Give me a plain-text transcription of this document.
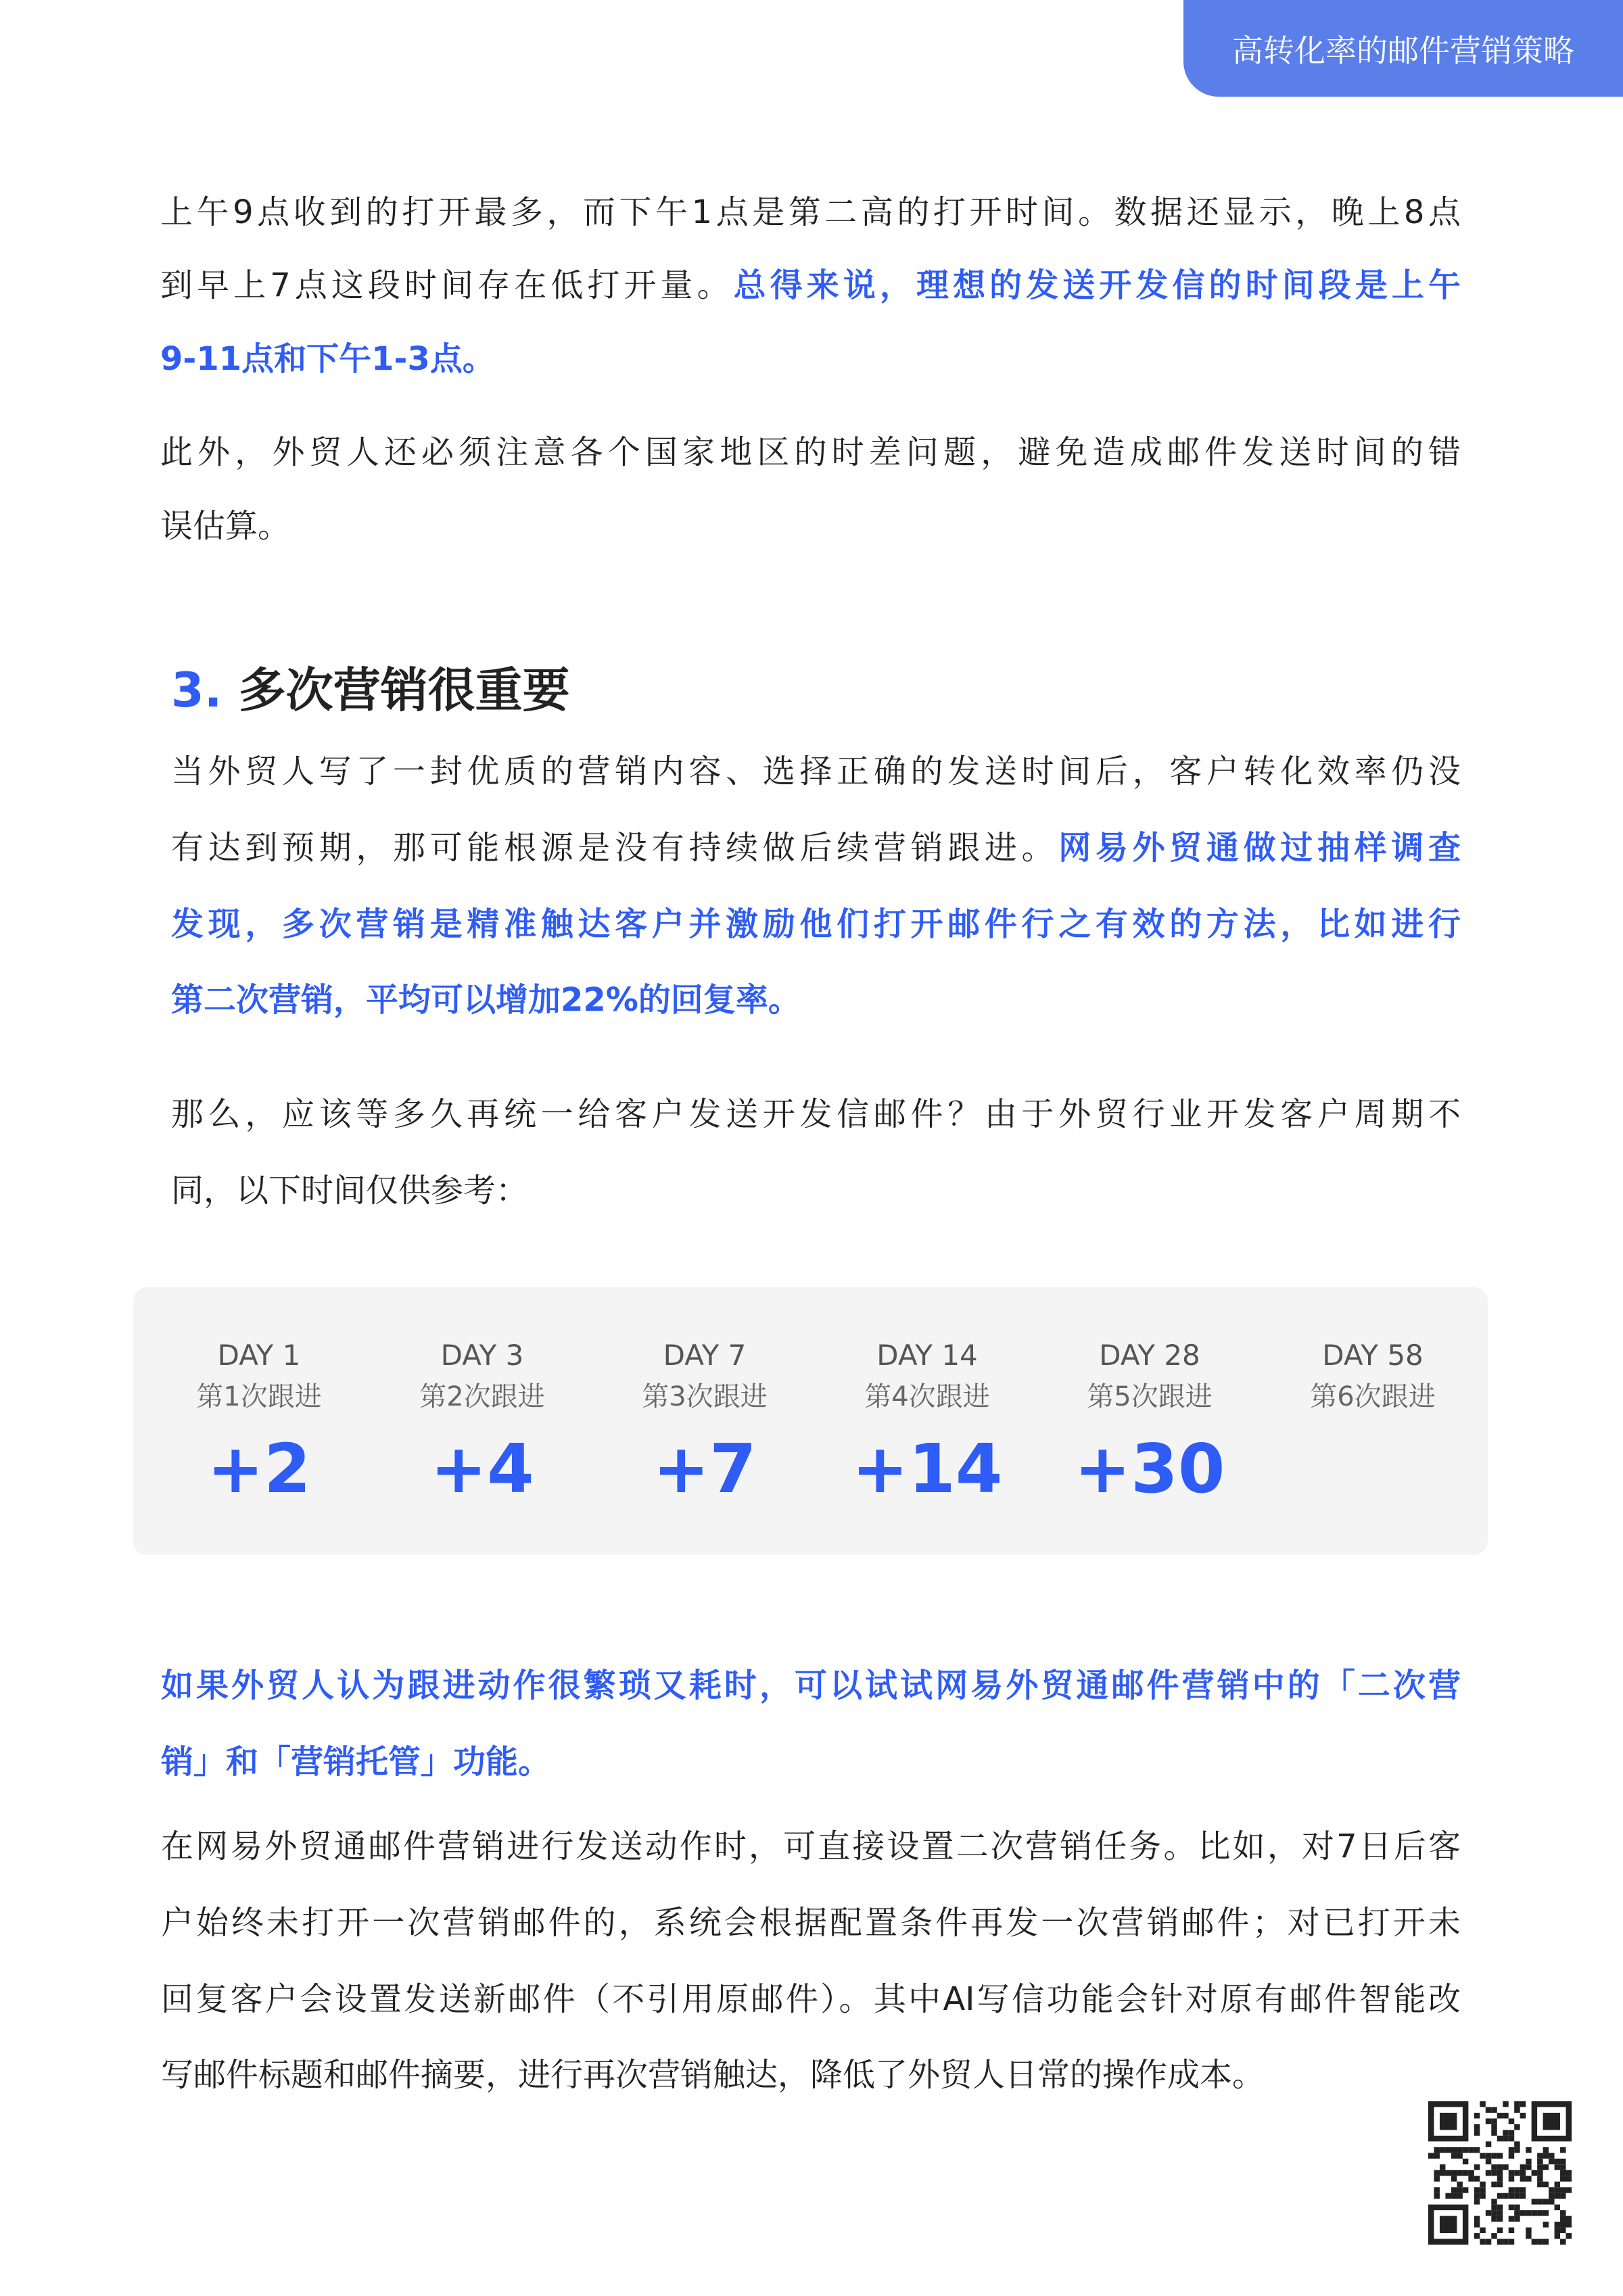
高转化率的邮件营销策略
上午9点收到的打开最多，而下午1点是第二高的打开时间。数据还显示，晚上8点
到早上7点这段时间存在低打开量。总得来说，理想的发送开发信的时间段是上午
9-11点和下午1-3点。
此外，外贸人还必须注意各个国家地区的时差问题，避免造成邮件发送时间的错
误估算。
3. 多次营销很重要
当外贸人写了一封优质的营销内容、选择正确的发送时间后，客户转化效率仍没
有达到预期，那可能根源是没有持续做后续营销跟进。网易外贸通做过抽样调查
发现，多次营销是精准触达客户并激励他们打开邮件行之有效的方法，比如进行
第二次营销，平均可以增加22%的回复率。
那么，应该等多久再统一给客户发送开发信邮件？由于外贸行业开发客户周期不
同，以下时间仅供参考：
DAY 1
第1次跟进
+2
DAY 3
第2次跟进
+4
DAY 7
第3次跟进
+7
DAY 14
第4次跟进
+14
DAY 28
第5次跟进
+30
DAY 58
第6次跟进
如果外贸人认为跟进动作很繁琐又耗时，可以试试网易外贸通邮件营销中的「二次营
销」和「营销托管」功能。
在网易外贸通邮件营销进行发送动作时，可直接设置二次营销任务。比如，对7日后客
户始终未打开一次营销邮件的，系统会根据配置条件再发一次营销邮件；对已打开未
回复客户会设置发送新邮件（不引用原邮件）。其中AI写信功能会针对原有邮件智能改
写邮件标题和邮件摘要，进行再次营销触达，降低了外贸人日常的操作成本。
